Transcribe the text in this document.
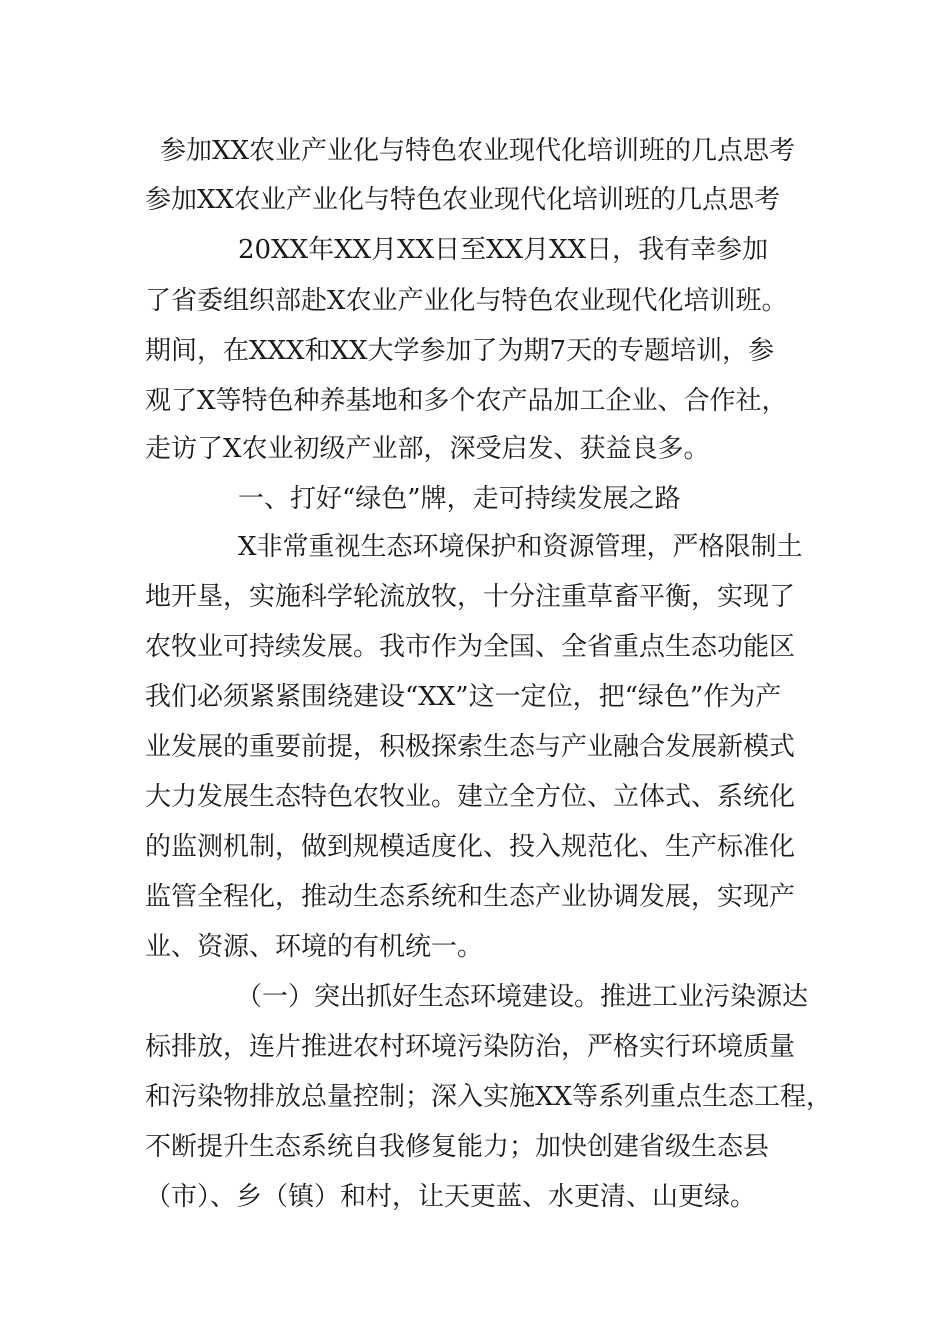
参加XX农业产业化与特色农业现代化培训班的几点思考

参加XX农业产业化与特色农业现代化培训班的几点思考

20XX年XX月XX日至XX月XX日，我有幸参加

了省委组织部赴X农业产业化与特色农业现代化培训班。

期间，在XXX和XX大学参加了为期7天的专题培训，参

观了X等特色种养基地和多个农产品加工企业、合作社，

走访了X农业初级产业部，深受启发、获益良多。

一、打好“绿色”牌，走可持续发展之路

X非常重视生态环境保护和资源管理，严格限制土

地开垦，实施科学轮流放牧，十分注重草畜平衡，实现了

农牧业可持续发展。我市作为全国、全省重点生态功能区

我们必须紧紧围绕建设“XX”这一定位，把“绿色”作为产

业发展的重要前提，积极探索生态与产业融合发展新模式

大力发展生态特色农牧业。建立全方位、立体式、系统化

的监测机制，做到规模适度化、投入规范化、生产标准化

监管全程化，推动生态系统和生态产业协调发展，实现产

业、资源、环境的有机统一。

（一）突出抓好生态环境建设。推进工业污染源达

标排放，连片推进农村环境污染防治，严格实行环境质量

和污染物排放总量控制；深入实施XX等系列重点生态工程，

不断提升生态系统自我修复能力；加快创建省级生态县

（市）、乡（镇）和村，让天更蓝、水更清、山更绿。
